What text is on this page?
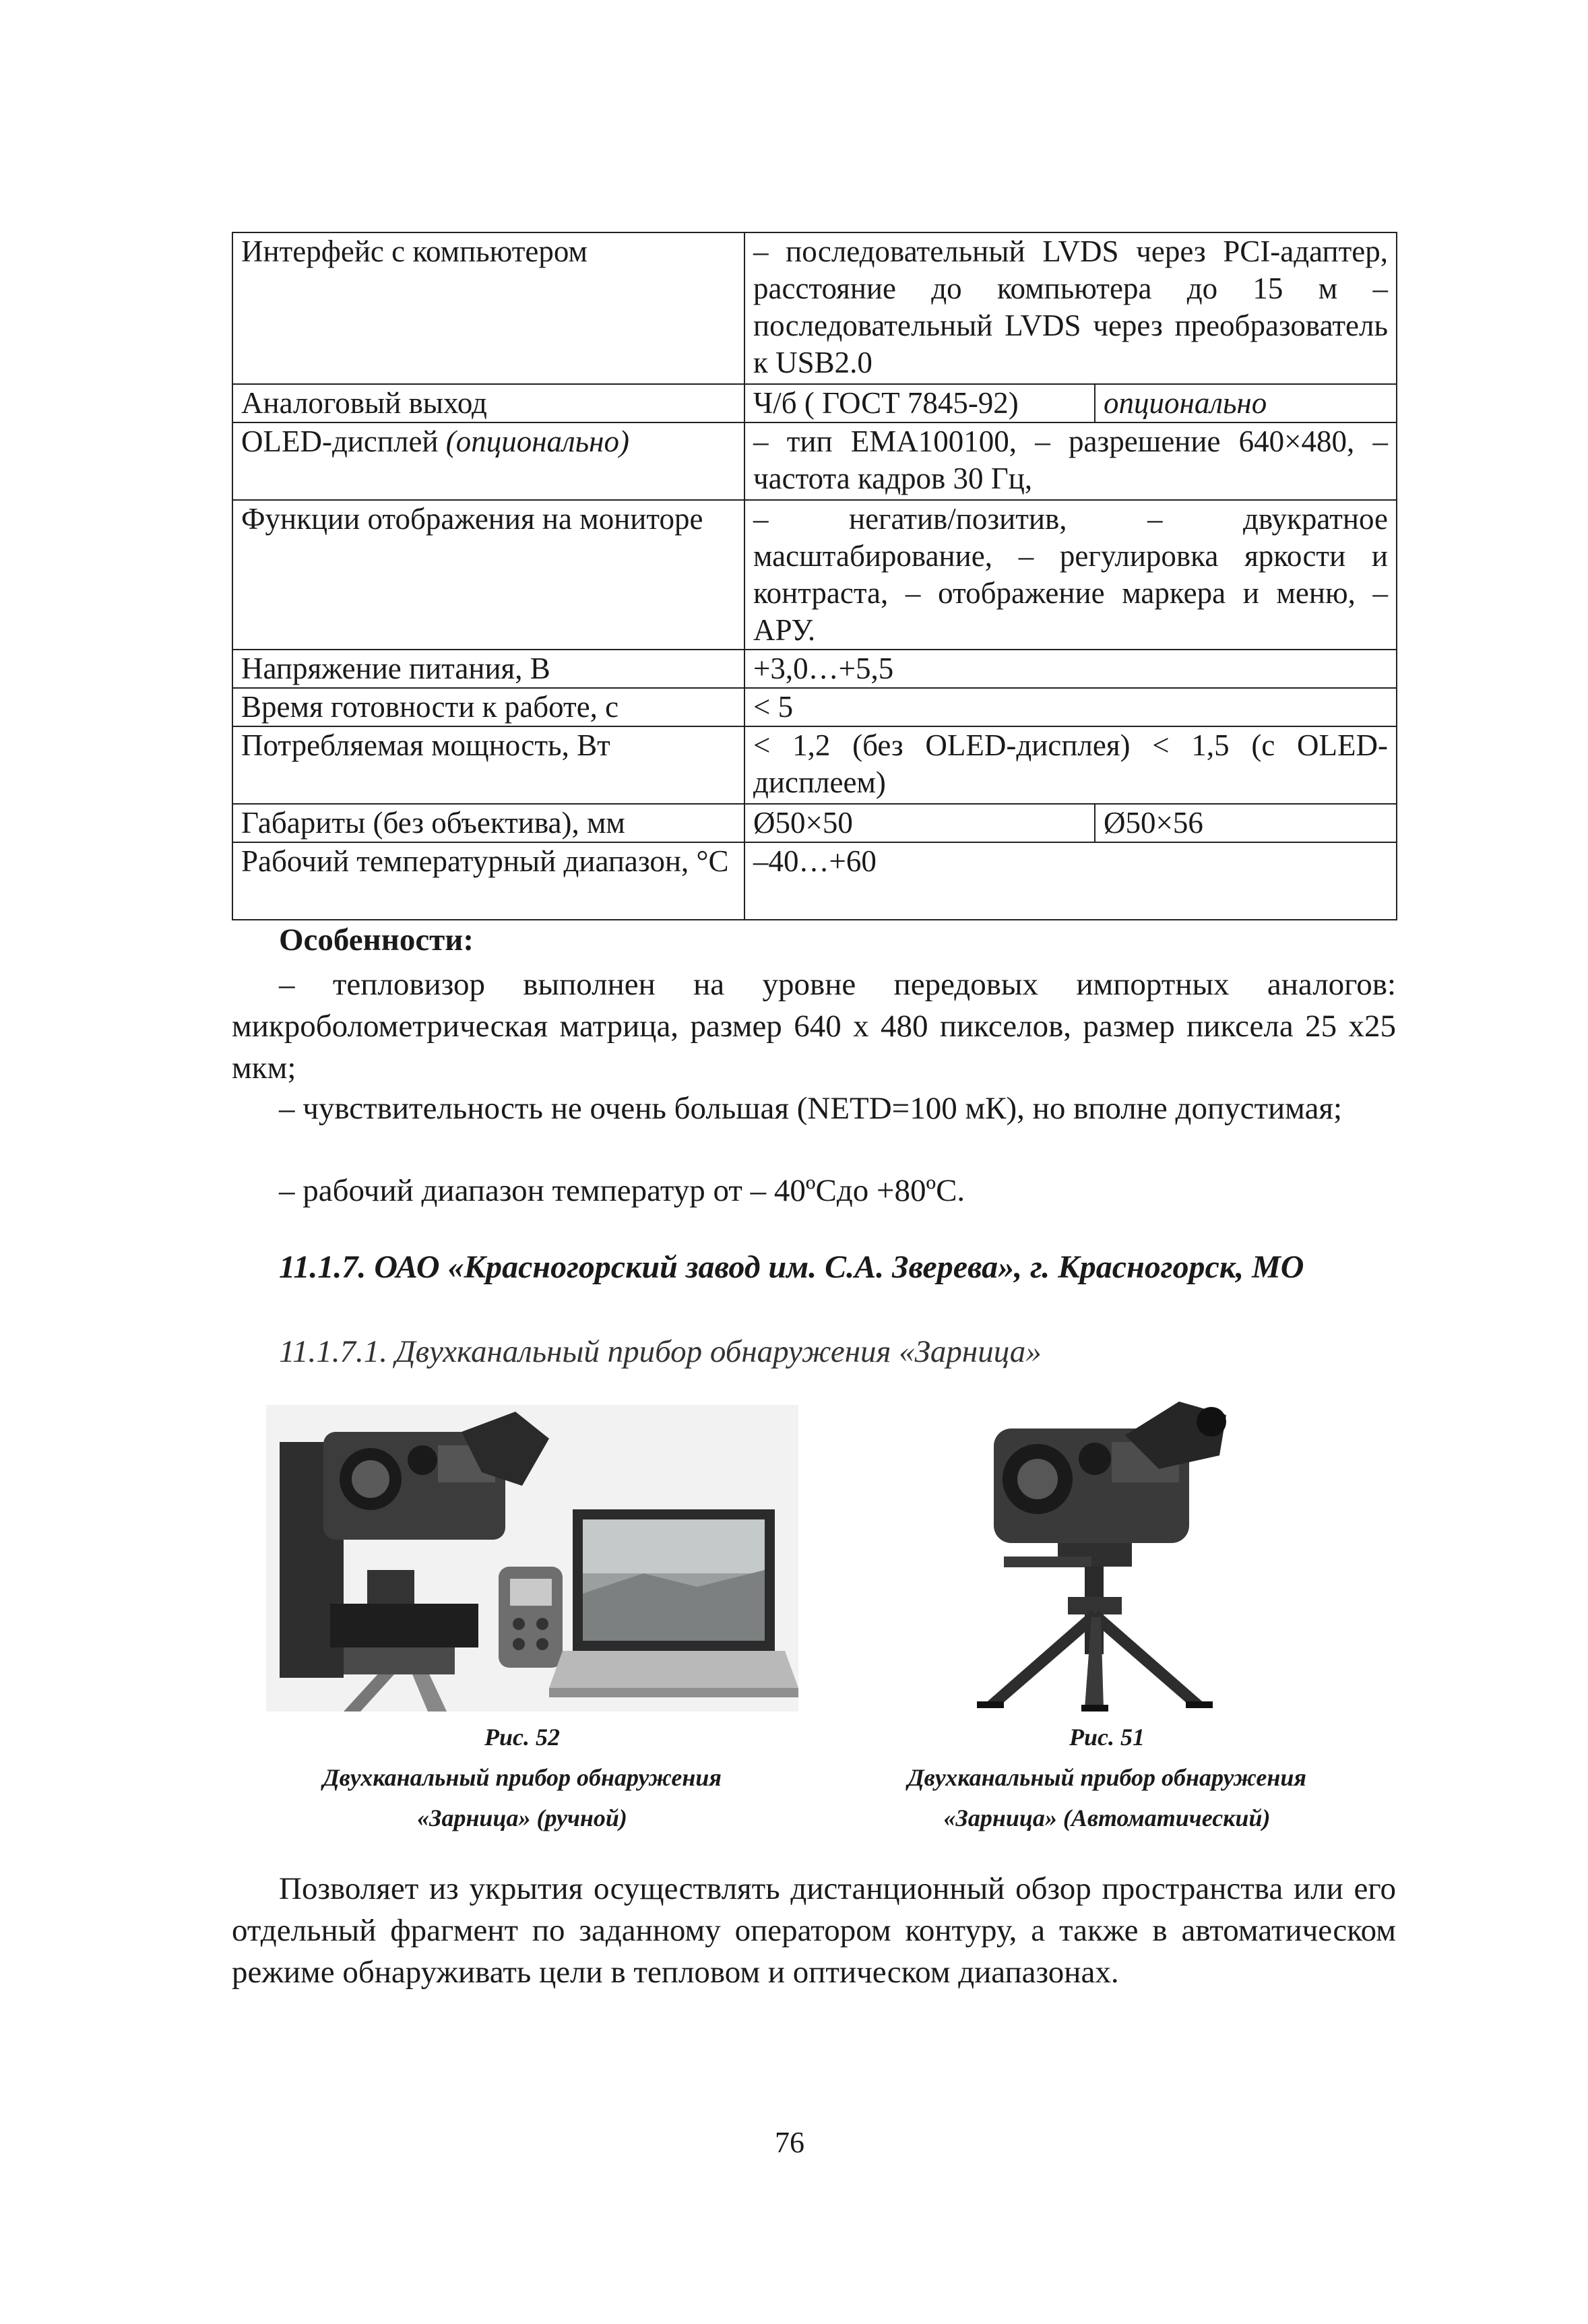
Интерфейс с компьютером	– последовательный LVDS через PCI-адаптер, расстояние до компьютера до 15 м – последовательный LVDS через преобразователь к USB2.0	
Аналоговый выход	Ч/б ( ГОСТ 7845-92)	опционально
OLED-дисплей (опционально)	– тип EMA100100, – разрешение 640×480, – частота кадров 30 Гц,	
Функции отображения на мониторе	– негатив/позитив, – двукратное масштабирование, – регулировка яркости и контраста, – отображение маркера и меню, – АРУ.	
Напряжение питания, В	+3,0…+5,5	
Время готовности к работе, с	< 5	
Потребляемая мощность, Вт	< 1,2 (без OLED-дисплея) < 1,5 (с OLED-дисплеем)	
Габариты (без объектива), мм	Ø50×50	Ø50×56
Рабочий температурный диапазон, °С	–40…+60	
Особенности:
– тепловизор выполнен на уровне передовых импортных аналогов: микроболометрическая матрица, размер 640 х 480 пикселов, размер пиксела 25 х25 мкм;
– чувствительность не очень большая (NETD=100 мК), но вполне допустимая;
– рабочий диапазон температур от – 40ºСдо +80ºС.
11.1.7. ОАО «Красногорский завод им. С.А. Зверева», г. Красногорск, МО
11.1.7.1. Двухканальный прибор обнаружения «Зарница»
Рис. 52
Двухканальный прибор обнаружения
«Зарница» (ручной)
Рис. 51
Двухканальный прибор обнаружения
«Зарница» (Автоматический)
Позволяет из укрытия осуществлять дистанционный обзор пространства или его отдельный фрагмент по заданному оператором контуру, а также в автоматическом режиме обнаруживать цели в тепловом и оптическом диапазонах.
76
